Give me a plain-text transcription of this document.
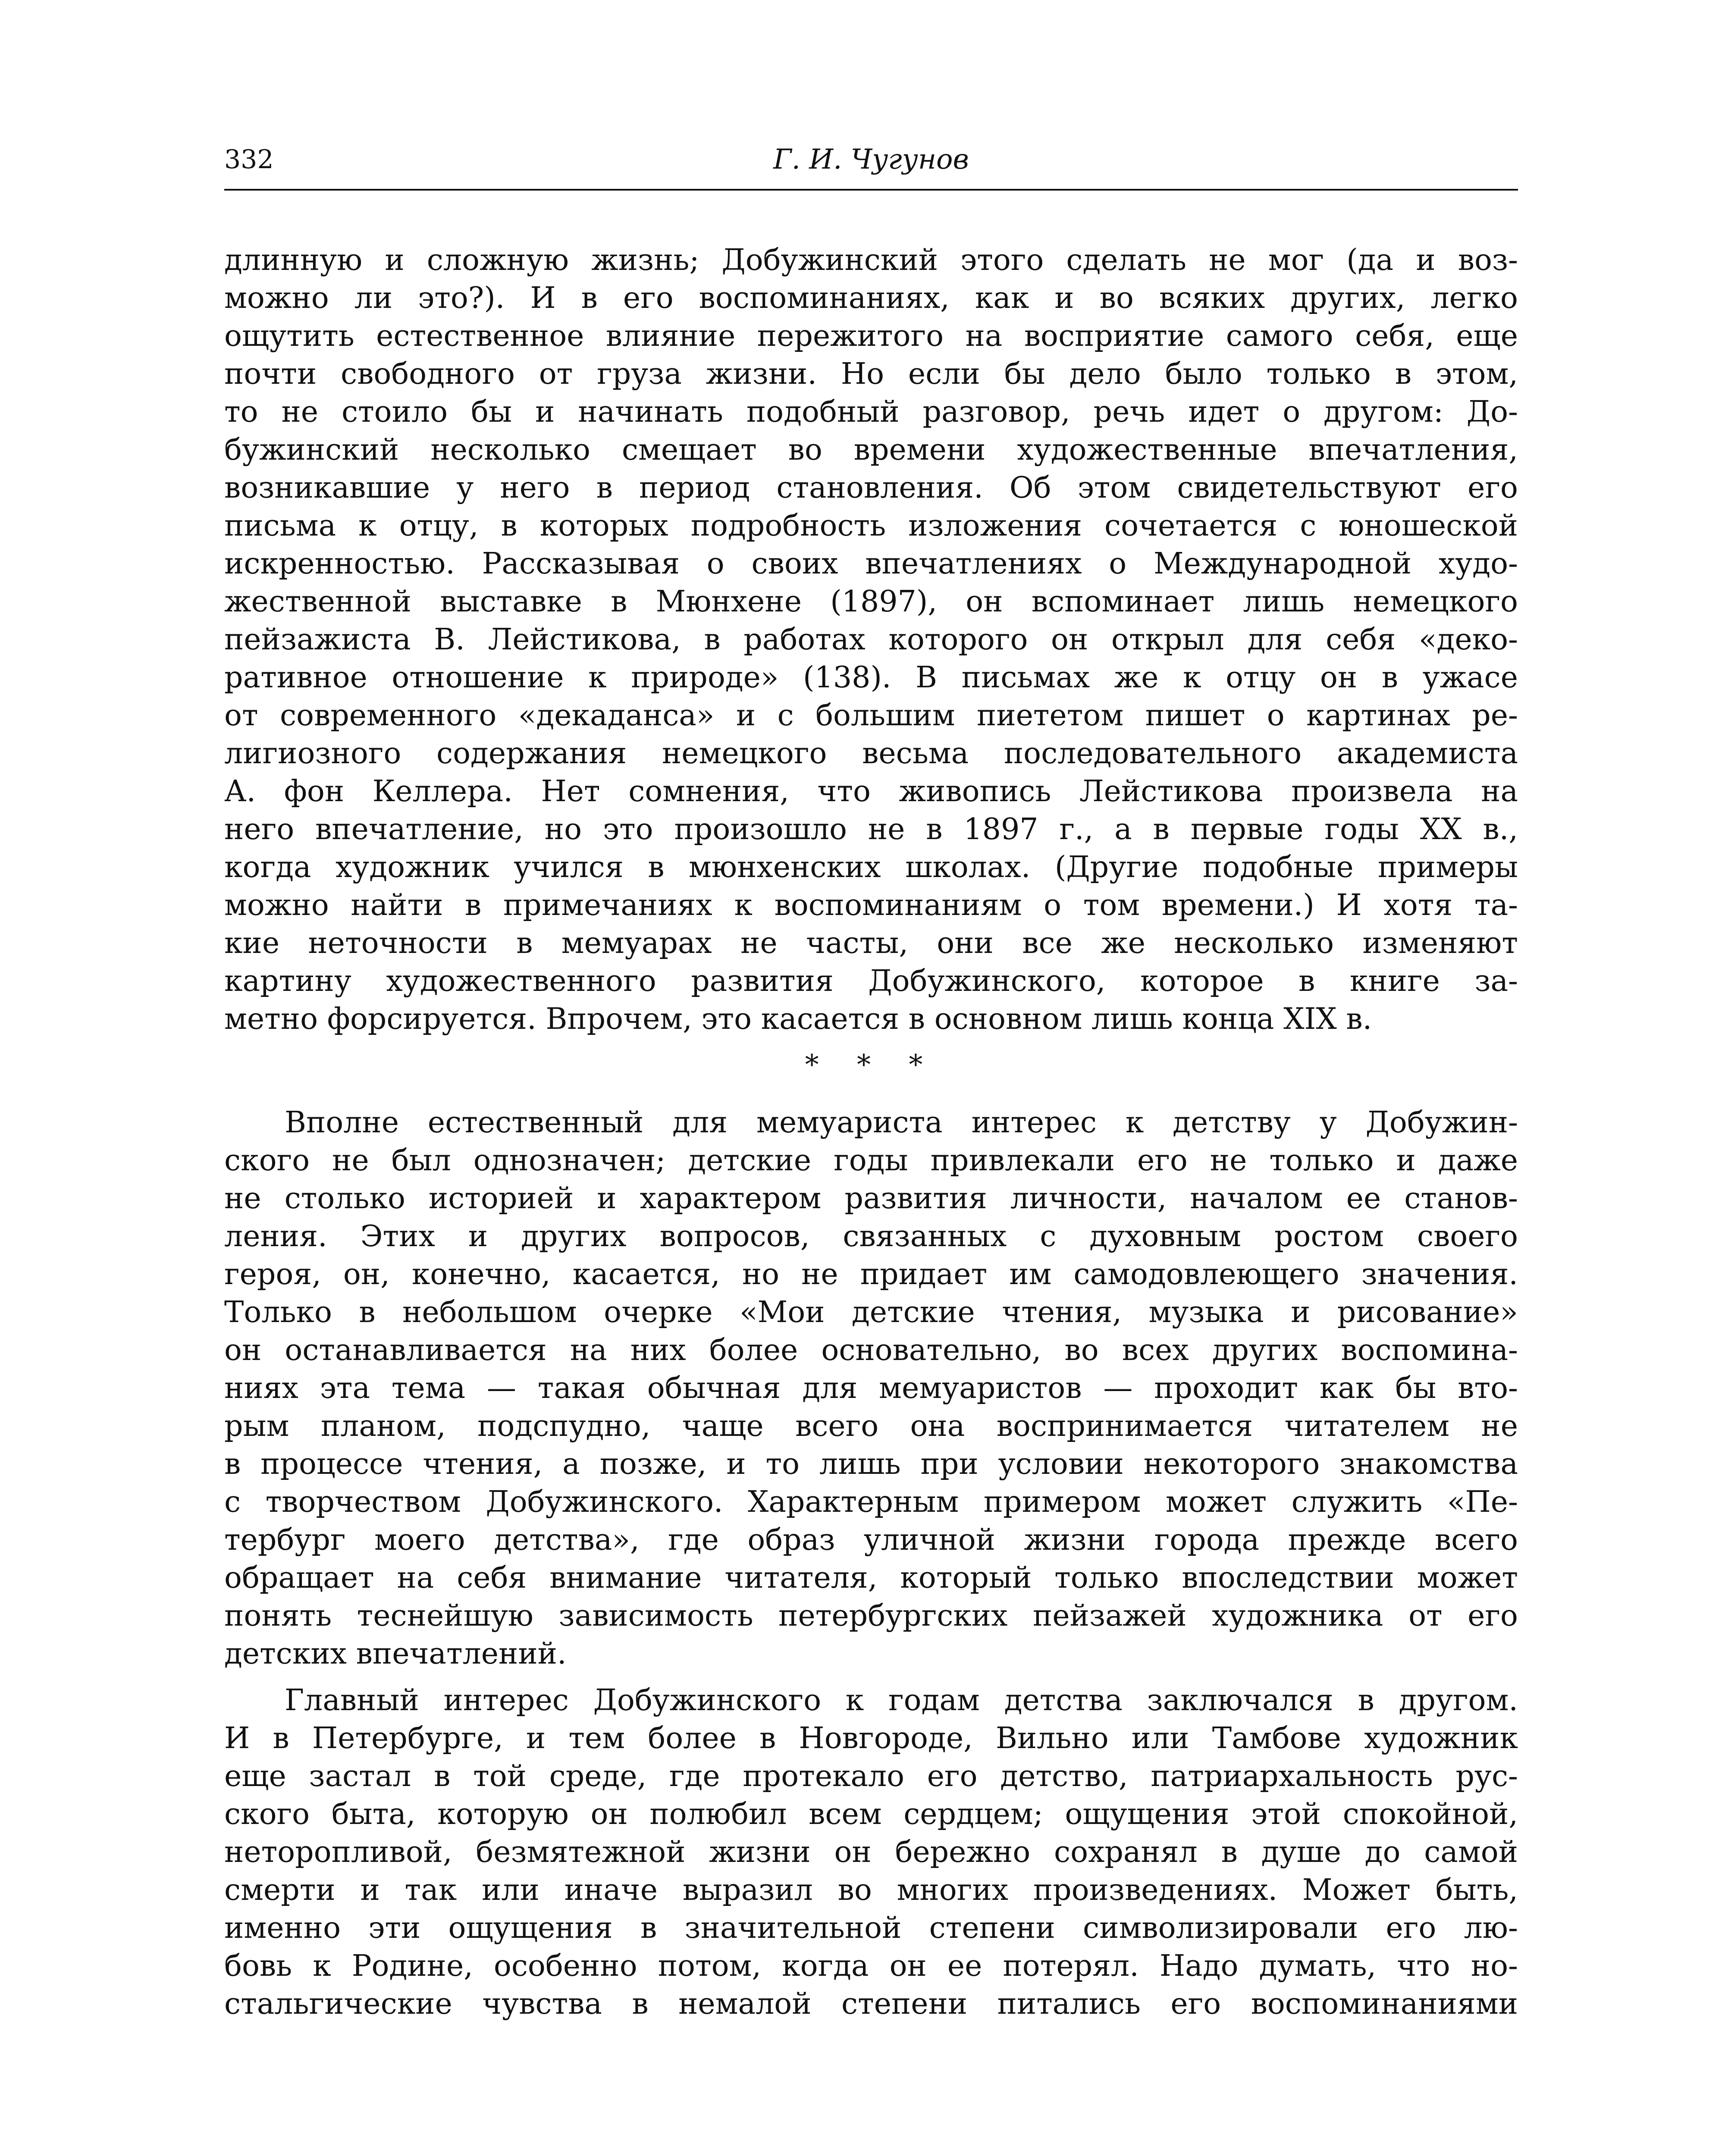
332	Г. И. Чугунов
длинную и сложную жизнь; Добужинский этого сделать не мог (да и воз-
можно ли это?). И в его воспоминаниях, как и во всяких других, легко
ощутить естественное влияние пережитого на восприятие самого себя, еще
почти свободного от груза жизни. Но если бы дело было только в этом,
то не стоило бы и начинать подобный разговор, речь идет о другом: До-
бужинский несколько смещает во времени художественные впечатления,
возникавшие у него в период становления. Об этом свидетельствуют его
письма к отцу, в которых подробность изложения сочетается с юношеской
искренностью. Рассказывая о своих впечатлениях о Международной худо-
жественной выставке в Мюнхене (1897), он вспоминает лишь немецкого
пейзажиста В. Лейстикова, в работах которого он открыл для себя «деко-
ративное отношение к природе» (138). В письмах же к отцу он в ужасе
от современного «декаданса» и с большим пиететом пишет о картинах ре-
лигиозного содержания немецкого весьма последовательного академиста
А. фон Келлера. Нет сомнения, что живопись Лейстикова произвела на
него впечатление, но это произошло не в 1897 г., а в первые годы XX в.,
когда художник учился в мюнхенских школах. (Другие подобные примеры
можно найти в примечаниях к воспоминаниям о том времени.) И хотя та-
кие неточности в мемуарах не часты, они все же несколько изменяют
картину художественного развития Добужинского, которое в книге за-
метно форсируется. Впрочем, это касается в основном лишь конца XIX в.
* * *
Вполне естественный для мемуариста интерес к детству у Добужин-
ского не был однозначен; детские годы привлекали его не только и даже
не столько историей и характером развития личности, началом ее станов-
ления. Этих и других вопросов, связанных с духовным ростом своего
героя, он, конечно, касается, но не придает им самодовлеющего значения.
Только в небольшом очерке «Мои детские чтения, музыка и рисование»
он останавливается на них более основательно, во всех других воспомина-
ниях эта тема — такая обычная для мемуаристов — проходит как бы вто-
рым планом, подспудно, чаще всего она воспринимается читателем не
в процессе чтения, а позже, и то лишь при условии некоторого знакомства
с творчеством Добужинского. Характерным примером может служить «Пе-
тербург моего детства», где образ уличной жизни города прежде всего
обращает на себя внимание читателя, который только впоследствии может
понять теснейшую зависимость петербургских пейзажей художника от его
детских впечатлений.
Главный интерес Добужинского к годам детства заключался в другом.
И в Петербурге, и тем более в Новгороде, Вильно или Тамбове художник
еще застал в той среде, где протекало его детство, патриархальность рус-
ского быта, которую он полюбил всем сердцем; ощущения этой спокойной,
неторопливой, безмятежной жизни он бережно сохранял в душе до самой
смерти и так или иначе выразил во многих произведениях. Может быть,
именно эти ощущения в значительной степени символизировали его лю-
бовь к Родине, особенно потом, когда он ее потерял. Надо думать, что но-
стальгические чувства в немалой степени питались его воспоминаниями
